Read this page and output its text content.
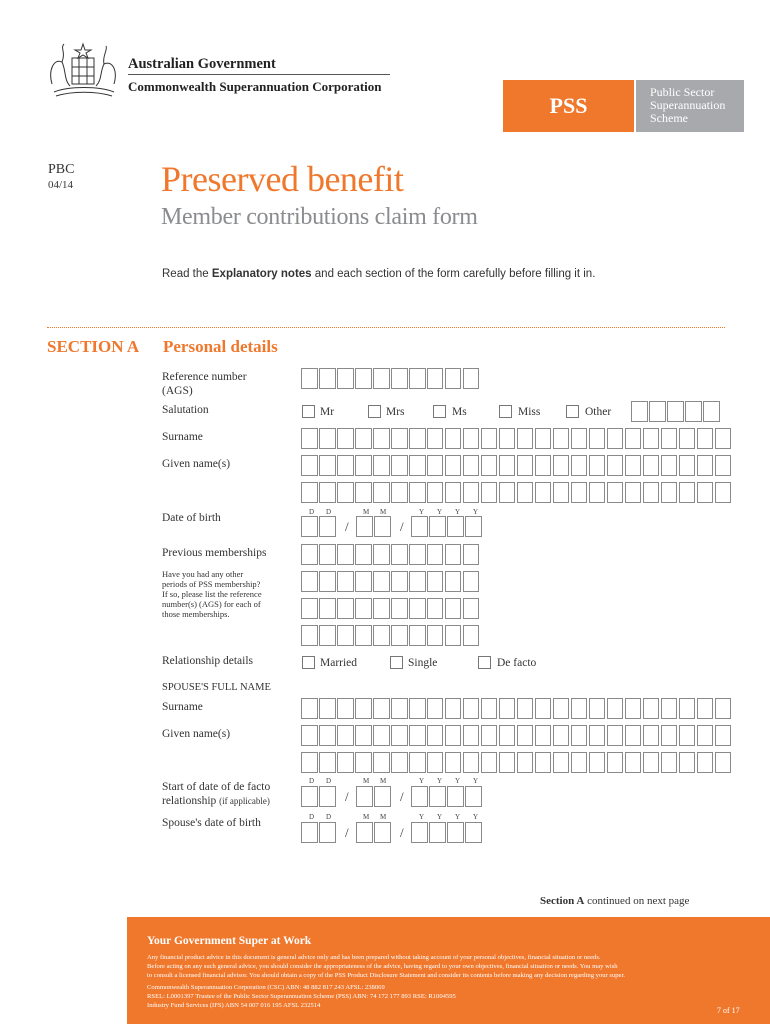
Australian Government
Commonwealth Superannuation Corporation
PSS
Public Sector
Superannuation
Scheme
PBC
04/14 Preserved benefit
Member contributions claim form
Read the Explanatory notes and each section of the form carefully before filling it in.
SECTION A Personal details
Reference number
(AGS)
Salutation	Mr	Mrs	Ms	Miss	Other
Surname
Given name(s)
D D	M M	Y Y Y Y
Date of birth
/	/
Previous memberships
Have you had any other
periods of PSS membership?
If so, please list the reference
number(s) (AGS) for each of
those memberships.
Relationship details	Married	Single	De facto
SPOUSE'S FULL NAME
Surname
Given name(s)
D D	M M	Y Y Y Y
Start of date of de facto
relationship (if applicable)	/	/
D D	M M	Y Y Y Y
Spouse's date of birth
/	/
Section A continued on next page
Your Government Super at Work
Any financial product advice in this document is general advice only and has been prepared without taking account of your personal objectives, financial situation or needs.
Before acting on any such general advice, you should consider the appropriateness of the advice, having regard to your own objectives, financial situation or needs. You may wish
to consult a licensed financial advisor. You should obtain a copy of the PSS Product Disclosure Statement and consider its contents before making any decision regarding your super.
Commonwealth Superannuation Corporation (CSC) ABN: 48 882 817 243 AFSL: 238069
RSEL: L0001397 Trustee of the Public Sector Superannuation Scheme (PSS) ABN: 74 172 177 893 RSE: R1004595
Industry Fund Services (IFS) ABN 54 007 016 195 AFSL 232514
7 of 17
